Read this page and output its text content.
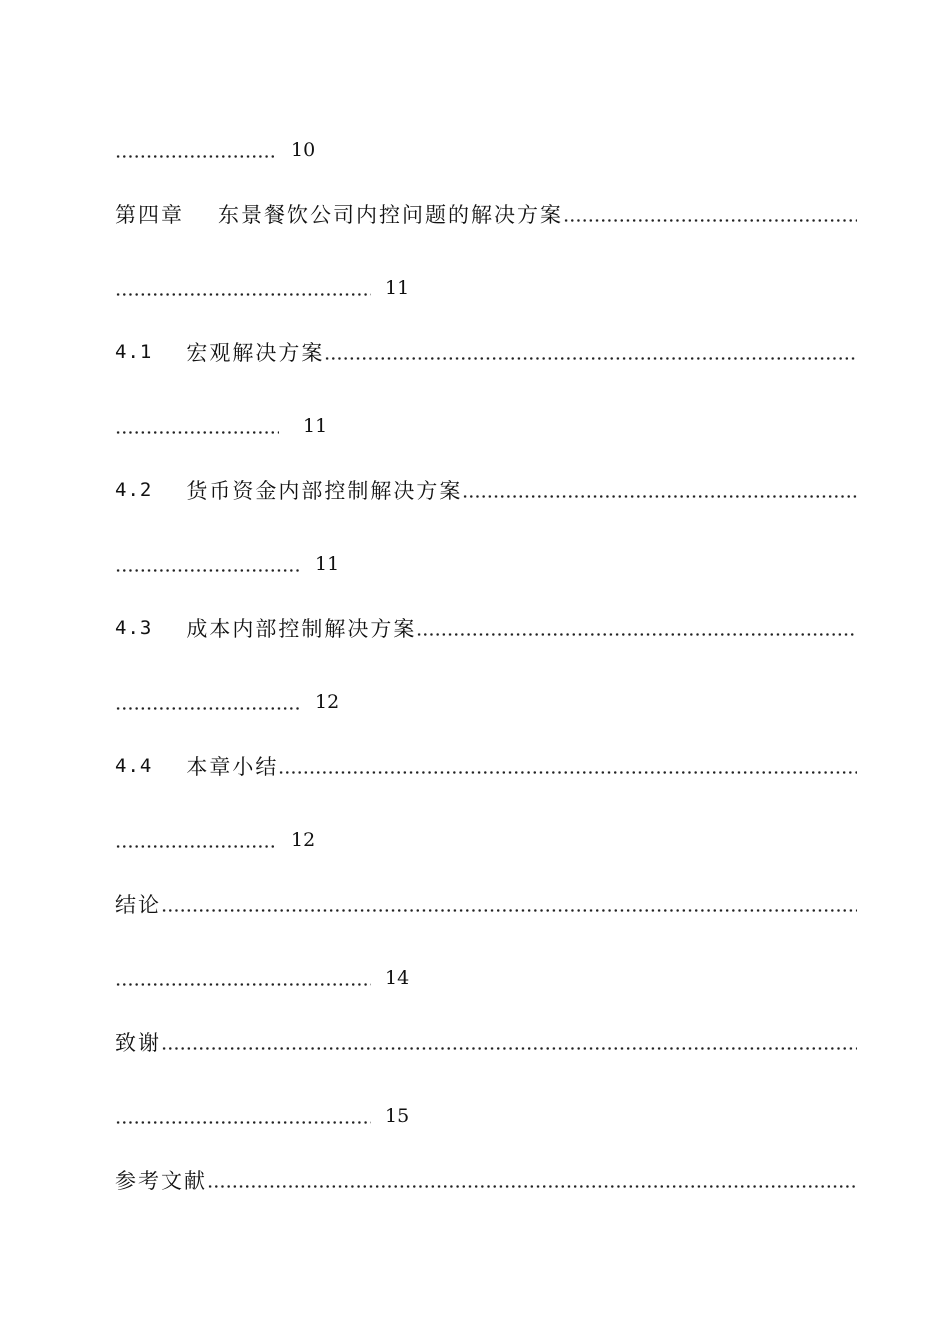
10
第四章 东景餐饮公司内控问题的解决方案
11
4.1 宏观解决方案
11
4.2 货币资金内部控制解决方案
11
4.3 成本内部控制解决方案
12
4.4 本章小结
12
结论
14
致谢
15
参考文献
